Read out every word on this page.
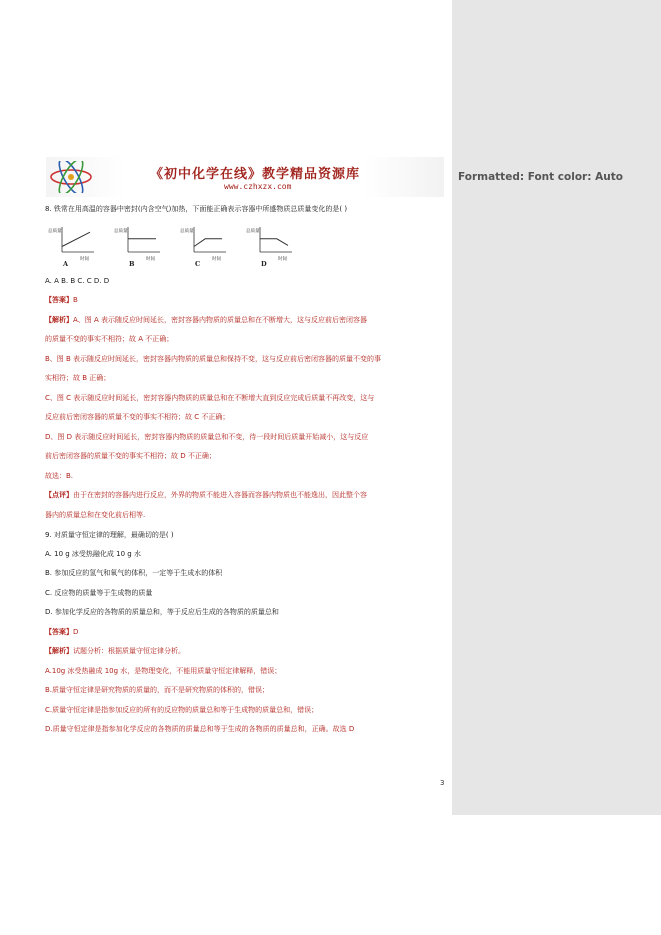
Formatted: Font color: Auto
《初中化学在线》教学精品资源库
www.czhxzx.com
8. 铁常在用高温的容器中密封(内含空气)加热，下面能正确表示容器中所盛物质总质量变化的是( )
总质量
时间
A
总质量
时间
B
总质量
时间
C
总质量
时间
D
A. A B. B C. C D. D
【答案】B
【解析】A、图 A 表示随反应时间延长，密封容器内物质的质量总和在不断增大，这与反应前后密闭容器
的质量不变的事实不相符；故 A 不正确；
B、图 B 表示随反应时间延长，密封容器内物质的质量总和保持不变，这与反应前后密闭容器的质量不变的事
实相符；故 B 正确；
C、图 C 表示随反应时间延长，密封容器内物质的质量总和在不断增大直到反应完成后质量不再改变，这与
反应前后密闭容器的质量不变的事实不相符；故 C 不正确；
D、图 D 表示随反应时间延长，密封容器内物质的质量总和不变，待一段时间后质量开始减小，这与反应
前后密闭容器的质量不变的事实不相符；故 D 不正确；
故选：B.
【点评】由于在密封的容器内进行反应，外界的物质不能进入容器而容器内物质也不能逸出，因此整个容
器内的质量总和在变化前后相等.
9. 对质量守恒定律的理解，最确切的是( )
A. 10 g 冰受热融化成 10 g 水
B. 参加反应的氢气和氧气的体积，一定等于生成水的体积
C. 反应物的质量等于生成物的质量
D. 参加化学反应的各物质的质量总和，等于反应后生成的各物质的质量总和
【答案】D
【解析】试题分析：根据质量守恒定律分析。
A.10g 冰受热融成 10g 水，是物理变化，不能用质量守恒定律解释，错误；
B.质量守恒定律是研究物质的质量的，而不是研究物质的体积的，错误；
C.质量守恒定律是指参加反应的所有的反应物的质量总和等于生成物的质量总和，错误；
D.质量守恒定律是指参加化学反应的各物质的质量总和等于生成的各物质的质量总和，正确。故选 D
3
